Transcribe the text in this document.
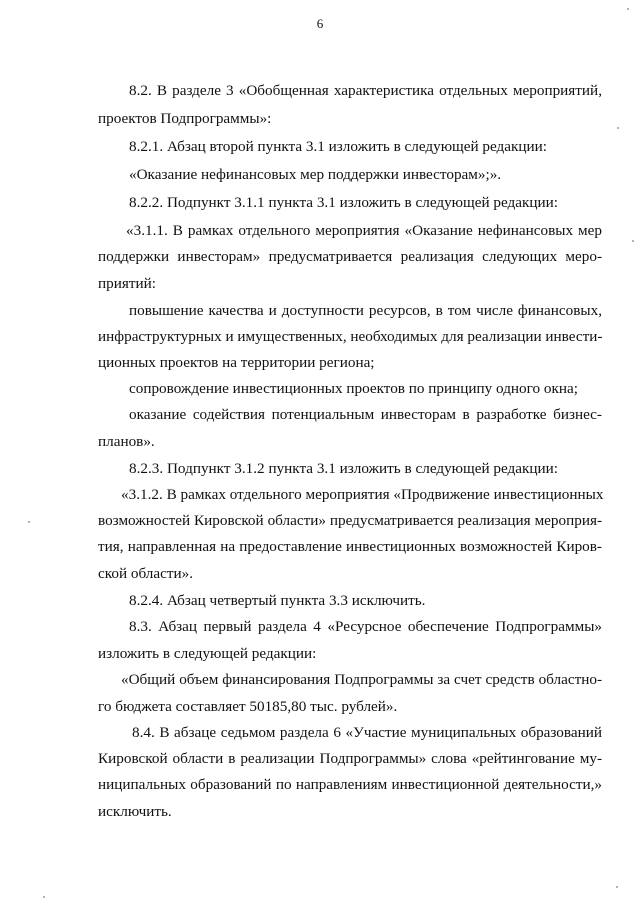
6
8.2. В разделе 3 «Обобщенная характеристика отдельных мероприятий,
проектов Подпрограммы»:
8.2.1. Абзац второй пункта 3.1 изложить в следующей редакции:
«Оказание нефинансовых мер поддержки инвесторам»;».
8.2.2. Подпункт 3.1.1 пункта 3.1 изложить в следующей редакции:
«3.1.1. В рамках отдельного мероприятия «Оказание нефинансовых мер
поддержки инвесторам» предусматривается реализация следующих меро-
приятий:
повышение качества и доступности ресурсов, в том числе финансовых,
инфраструктурных и имущественных, необходимых для реализации инвести-
ционных проектов на территории региона;
сопровождение инвестиционных проектов по принципу одного окна;
оказание содействия потенциальным инвесторам в разработке бизнес-
планов».
8.2.3. Подпункт 3.1.2 пункта 3.1 изложить в следующей редакции:
«3.1.2. В рамках отдельного мероприятия «Продвижение инвестиционных
возможностей Кировской области» предусматривается реализация мероприя-
тия, направленная на предоставление инвестиционных возможностей Киров-
ской области».
8.2.4. Абзац четвертый пункта 3.3 исключить.
8.3. Абзац первый раздела 4 «Ресурсное обеспечение Подпрограммы»
изложить в следующей редакции:
«Общий объем финансирования Подпрограммы за счет средств областно-
го бюджета составляет 50185,80 тыс. рублей».
8.4. В абзаце седьмом раздела 6 «Участие муниципальных образований
Кировской области в реализации Подпрограммы» слова «рейтингование му-
ниципальных образований по направлениям инвестиционной деятельности,»
исключить.
